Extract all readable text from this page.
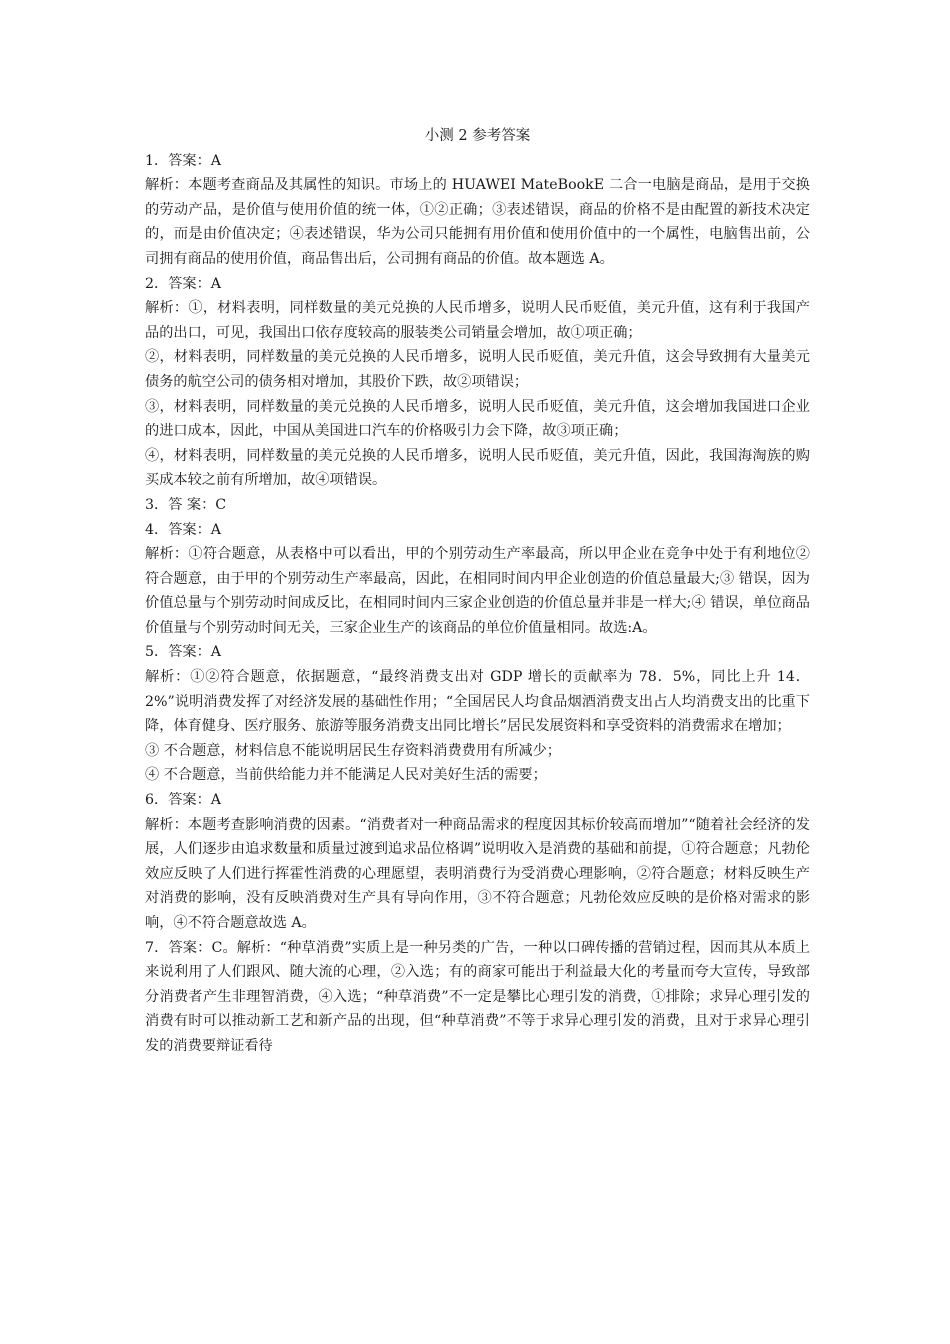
小测 2 参考答案

1．答案：A

解析：本题考查商品及其属性的知识。市场上的 HUAWEI MateBookE 二合一电脑是商品，是用于交换的劳动产品，是价值与使用价值的统一体，①②正确；③表述错误，商品的价格不是由配置的新技术决定的，而是由价值决定；④表述错误，华为公司只能拥有用价值和使用价值中的一个属性，电脑售出前，公司拥有商品的使用价值，商品售出后，公司拥有商品的价值。故本题选 A。

2．答案：A

解析：①，材料表明，同样数量的美元兑换的人民币增多，说明人民币贬值，美元升值，这有利于我国产品的出口，可见，我国出口依存度较高的服装类公司销量会增加，故①项正确；

②，材料表明，同样数量的美元兑换的人民币增多，说明人民币贬值，美元升值，这会导致拥有大量美元债务的航空公司的债务相对增加，其股价下跌，故②项错误；

③，材料表明，同样数量的美元兑换的人民币增多，说明人民币贬值，美元升值，这会增加我国进口企业的进口成本，因此，中国从美国进口汽车的价格吸引力会下降，故③项正确；

④，材料表明，同样数量的美元兑换的人民币增多，说明人民币贬值，美元升值，因此，我国海淘族的购买成本较之前有所增加，故④项错误。

3．答 案：C

4．答案：A

解析：①符合题意，从表格中可以看出，甲的个别劳动生产率最高，所以甲企业在竞争中处于有利地位②符合题意，由于甲的个别劳动生产率最高，因此，在相同时间内甲企业创造的价值总量最大;③ 错误，因为价值总量与个别劳动时间成反比，在相同时间内三家企业创造的价值总量并非是一样大;④ 错误，单位商品价值量与个别劳动时间无关，三家企业生产的该商品的单位价值量相同。故选:A。

5．答案：A

解析：①②符合题意，依据题意，“最终消费支出对 GDP 增长的贡献率为 78．5%，同比上升 14．2%”说明消费发挥了对经济发展的基础性作用；“全国居民人均食品烟酒消费支出占人均消费支出的比重下降，体育健身、医疗服务、旅游等服务消费支出同比增长”居民发展资料和享受资料的消费需求在增加；

③ 不合题意，材料信息不能说明居民生存资料消费费用有所减少；

④ 不合题意，当前供给能力并不能满足人民对美好生活的需要；

6．答案：A

解析：本题考查影响消费的因素。“消费者对一种商品需求的程度因其标价较高而增加”“随着社会经济的发展，人们逐步由追求数量和质量过渡到追求品位格调”说明收入是消费的基础和前提，①符合题意；凡勃伦效应反映了人们进行挥霍性消费的心理愿望，表明消费行为受消费心理影响，②符合题意；材料反映生产对消费的影响，没有反映消费对生产具有导向作用，③不符合题意；凡勃伦效应反映的是价格对需求的影响，④不符合题意故选 A。

7．答案：C。解析：“种草消费”实质上是一种另类的广告，一种以口碑传播的营销过程，因而其从本质上来说利用了人们跟风、随大流的心理，②入选；有的商家可能出于利益最大化的考量而夸大宣传，导致部分消费者产生非理智消费，④入选；“种草消费”不一定是攀比心理引发的消费，①排除；求异心理引发的消费有时可以推动新工艺和新产品的出现，但“种草消费”不等于求异心理引发的消费，且对于求异心理引发的消费要辩证看待
